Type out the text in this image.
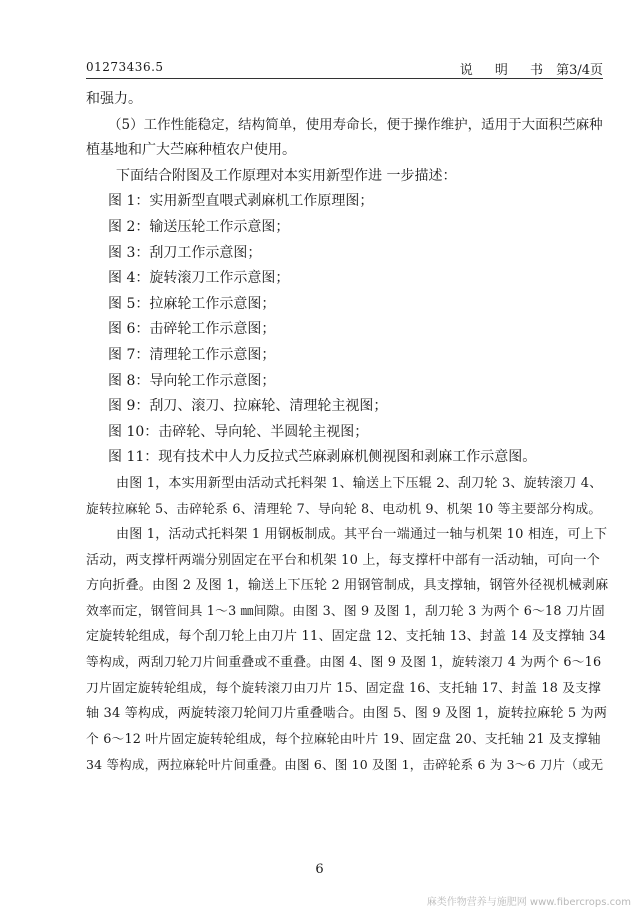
01273436.5	说 明 书 第3/4页
和强力。
（5）工作性能稳定，结构简单，使用寿命长，便于操作维护，适用于大面积苎麻种
植基地和广大苎麻种植农户使用。
下面结合附图及工作原理对本实用新型作进 一步描述：
图 1：实用新型直喂式剥麻机工作原理图；
图 2：输送压轮工作示意图；
图 3：刮刀工作示意图；
图 4：旋转滚刀工作示意图；
图 5：拉麻轮工作示意图；
图 6：击碎轮工作示意图；
图 7：清理轮工作示意图；
图 8：导向轮工作示意图；
图 9：刮刀、滚刀、拉麻轮、清理轮主视图；
图 10：击碎轮、导向轮、半圆轮主视图；
图 11：现有技术中人力反拉式苎麻剥麻机侧视图和剥麻工作示意图。
由图 1，本实用新型由活动式托料架 1、输送上下压辊 2、刮刀轮 3、旋转滚刀 4、
旋转拉麻轮 5、击碎轮系 6、清理轮 7、导向轮 8、电动机 9、机架 10 等主要部分构成。
由图 1，活动式托料架 1 用钢板制成。其平台一端通过一轴与机架 10 相连，可上下
活动，两支撑杆两端分别固定在平台和机架 10 上，每支撑杆中部有一活动轴，可向一个
方向折叠。由图 2 及图 1，输送上下压轮 2 用钢管制成，具支撑轴，钢管外径视机械剥麻
效率而定，钢管间具 1～3 ㎜间隙。由图 3、图 9 及图 1，刮刀轮 3 为两个 6～18 刀片固
定旋转轮组成，每个刮刀轮上由刀片 11、固定盘 12、支托轴 13、封盖 14 及支撑轴 34
等构成，两刮刀轮刀片间重叠或不重叠。由图 4、图 9 及图 1，旋转滚刀 4 为两个 6～16
刀片固定旋转轮组成，每个旋转滚刀由刀片 15、固定盘 16、支托轴 17、封盖 18 及支撑
轴 34 等构成，两旋转滚刀轮间刀片重叠啮合。由图 5、图 9 及图 1，旋转拉麻轮 5 为两
个 6～12 叶片固定旋转轮组成，每个拉麻轮由叶片 19、固定盘 20、支托轴 21 及支撑轴
34 等构成，两拉麻轮叶片间重叠。由图 6、图 10 及图 1，击碎轮系 6 为 3～6 刀片（或无
6
麻类作物营养与施肥网 www.fibercrops.com
